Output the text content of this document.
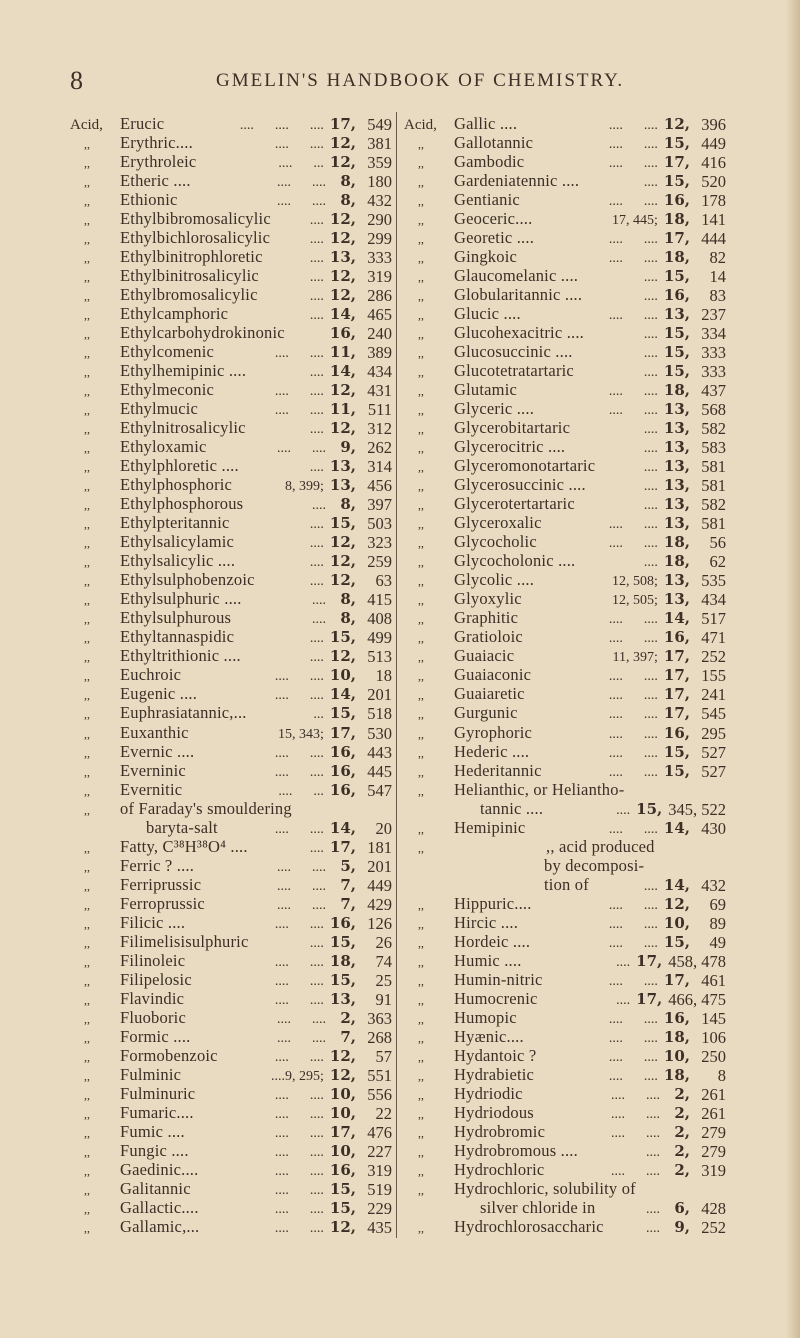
8	GMELIN'S HANDBOOK OF CHEMISTRY.
Acid,	Erucic	....      ....      .... 17, 549
,,	Erythric....	....      .... 12, 381
,,	Erythroleic	....      ... 12, 359
,,	Etheric ....	....      .... 8, 180
,,	Ethionic	....      .... 8, 432
,,	Ethylbibromosalicylic	.... 12, 290
,,	Ethylbichlorosalicylic	.... 12, 299
,,	Ethylbinitrophloretic	.... 13, 333
,,	Ethylbinitrosalicylic	.... 12, 319
,,	Ethylbromosalicylic	.... 12, 286
,,	Ethylcamphoric	.... 14, 465
,,	Ethylcarbohydrokinonic	16, 240
,,	Ethylcomenic	....      .... 11, 389
,,	Ethylhemipinic ....	.... 14, 434
,,	Ethylmeconic	....      .... 12, 431
,,	Ethylmucic	....      .... 11, 511
,,	Ethylnitrosalicylic	.... 12, 312
,,	Ethyloxamic	....      .... 9, 262
,,	Ethylphloretic ....	.... 13, 314
,,	Ethylphosphoric	8, 399; 13, 456
,,	Ethylphosphorous	.... 8, 397
,,	Ethylpteritannic	.... 15, 503
,,	Ethylsalicylamic	.... 12, 323
,,	Ethylsalicylic ....	.... 12, 259
,,	Ethylsulphobenzoic	.... 12,	63
,,	Ethylsulphuric ....	.... 8, 415
,,	Ethylsulphurous	.... 8, 408
,,	Ethyltannaspidic	.... 15, 499
,,	Ethyltrithionic ....	.... 12, 513
,,	Euchroic	....      .... 10,	18
,,	Eugenic ....	....      .... 14, 201
,,	Euphrasiatannic,...	... 15, 518
,,	Euxanthic	15, 343; 17, 530
,,	Evernic ....	....      .... 16, 443
,,	Everninic	....      .... 16, 445
,,	Evernitic	....      ... 16, 547
,,	of Faraday's smouldering
baryta-salt	....      .... 14,	20
,,	Fatty, C³⁸H³⁸O⁴ ....	.... 17, 181
,,	Ferric ? ....	....      .... 5, 201
,,	Ferriprussic	....      .... 7, 449
,,	Ferroprussic	....      .... 7, 429
,,	Filicic ....	....      .... 16, 126
,,	Filimelisisulphuric	.... 15,	26
,,	Filinoleic	....      .... 18,	74
,,	Filipelosic	....      .... 15,	25
,,	Flavindic	....      .... 13,	91
,,	Fluoboric	....      .... 2, 363
,,	Formic ....	....      .... 7, 268
,,	Formobenzoic	....      .... 12,	57
,,	Fulminic	....9, 295; 12, 551
,,	Fulminuric	....      .... 10, 556
,,	Fumaric....	....      .... 10,	22
,,	Fumic ....	....      .... 17, 476
,,	Fungic ....	....      .... 10, 227
,,	Gaedinic....	....      .... 16, 319
,,	Galitannic	....      .... 15, 519
,,	Gallactic....	....      .... 15, 229
,,	Gallamic,...	....      .... 12, 435
Acid,	Gallic ....	....      .... 12, 396
,,	Gallotannic	....      .... 15, 449
,,	Gambodic	....      .... 17, 416
,,	Gardeniatennic ....	.... 15, 520
,,	Gentianic	....      .... 16, 178
,,	Geoceric....	17, 445; 18, 141
,,	Georetic ....	....      .... 17, 444
,,	Gingkoic	....      .... 18,	82
,,	Glaucomelanic ....	.... 15,	14
,,	Globularitannic ....	.... 16,	83
,,	Glucic ....	....      .... 13, 237
,,	Glucohexacitric ....	.... 15, 334
,,	Glucosuccinic ....	.... 15, 333
,,	Glucotetratartaric	.... 15, 333
,,	Glutamic	....      .... 18, 437
,,	Glyceric ....	....      .... 13, 568
,,	Glycerobitartaric	.... 13, 582
,,	Glycerocitric ....	.... 13, 583
,,	Glyceromonotartaric	.... 13, 581
,,	Glycerosuccinic ....	.... 13, 581
,,	Glycerotertartaric	.... 13, 582
,,	Glyceroxalic	....      .... 13, 581
,,	Glycocholic	....      .... 18,	56
,,	Glycocholonic ....	.... 18,	62
,,	Glycolic ....	12, 508; 13, 535
,,	Glyoxylic	12, 505; 13, 434
,,	Graphitic	....      .... 14, 517
,,	Gratioloic	....      .... 16, 471
,,	Guaiacic	11, 397; 17, 252
,,	Guaiaconic	....      .... 17, 155
,,	Guaiaretic	....      .... 17, 241
,,	Gurgunic	....      .... 17, 545
,,	Gyrophoric	....      .... 16, 295
,,	Hederic ....	....      .... 15, 527
,,	Hederitannic	....      .... 15, 527
,,	Helianthic, or Heliantho-
tannic ....	.... 15, 345, 522
,,	Hemipinic	....      .... 14, 430
,,	,, acid produced
by decomposi-
tion of	.... 14, 432
,,	Hippuric....	....      .... 12,	69
,,	Hircic ....	....      .... 10,	89
,,	Hordeic ....	....      .... 15,	49
,,	Humic ....	.... 17, 458, 478
,,	Humin-nitric	....      .... 17, 461
,,	Humocrenic	.... 17, 466, 475
,,	Humopic	....      .... 16, 145
,,	Hyænic....	....      .... 18, 106
,,	Hydantoic ?	....      .... 10, 250
,,	Hydrabietic	....      .... 18,	8
,,	Hydriodic	....      .... 2, 261
,,	Hydriodous	....      .... 2, 261
,,	Hydrobromic	....      .... 2, 279
,,	Hydrobromous ....	.... 2, 279
,,	Hydrochloric	....      .... 2, 319
,,	Hydrochloric, solubility of
silver chloride in	.... 6, 428
,,	Hydrochlorosaccharic	.... 9, 252
